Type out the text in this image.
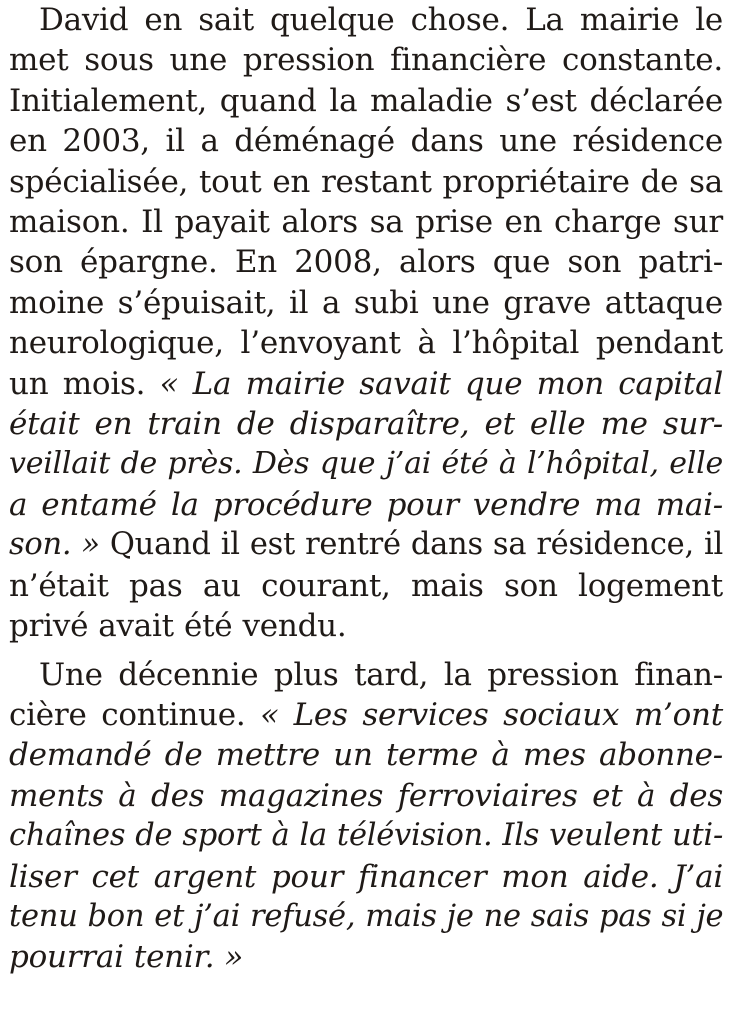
David en sait quelque chose. La mairie le
met sous une pression financière constante.
Initialement, quand la maladie s’est déclarée
en 2003, il a déménagé dans une résidence
spécialisée, tout en restant propriétaire de sa
maison. Il payait alors sa prise en charge sur
son épargne. En 2008, alors que son patri-
moine s’épuisait, il a subi une grave attaque
neurologique, l’envoyant à l’hôpital pendant
un mois. « La mairie savait que mon capital
était en train de disparaître, et elle me sur-
veillait de près. Dès que j’ai été à l’hôpital, elle
a entamé la procédure pour vendre ma mai-
son. » Quand il est rentré dans sa résidence, il
n’était pas au courant, mais son logement
privé avait été vendu.
Une décennie plus tard, la pression finan-
cière continue. « Les services sociaux m’ont
demandé de mettre un terme à mes abonne-
ments à des magazines ferroviaires et à des
chaînes de sport à la télévision. Ils veulent uti-
liser cet argent pour financer mon aide. J’ai
tenu bon et j’ai refusé, mais je ne sais pas si je
pourrai tenir. »
